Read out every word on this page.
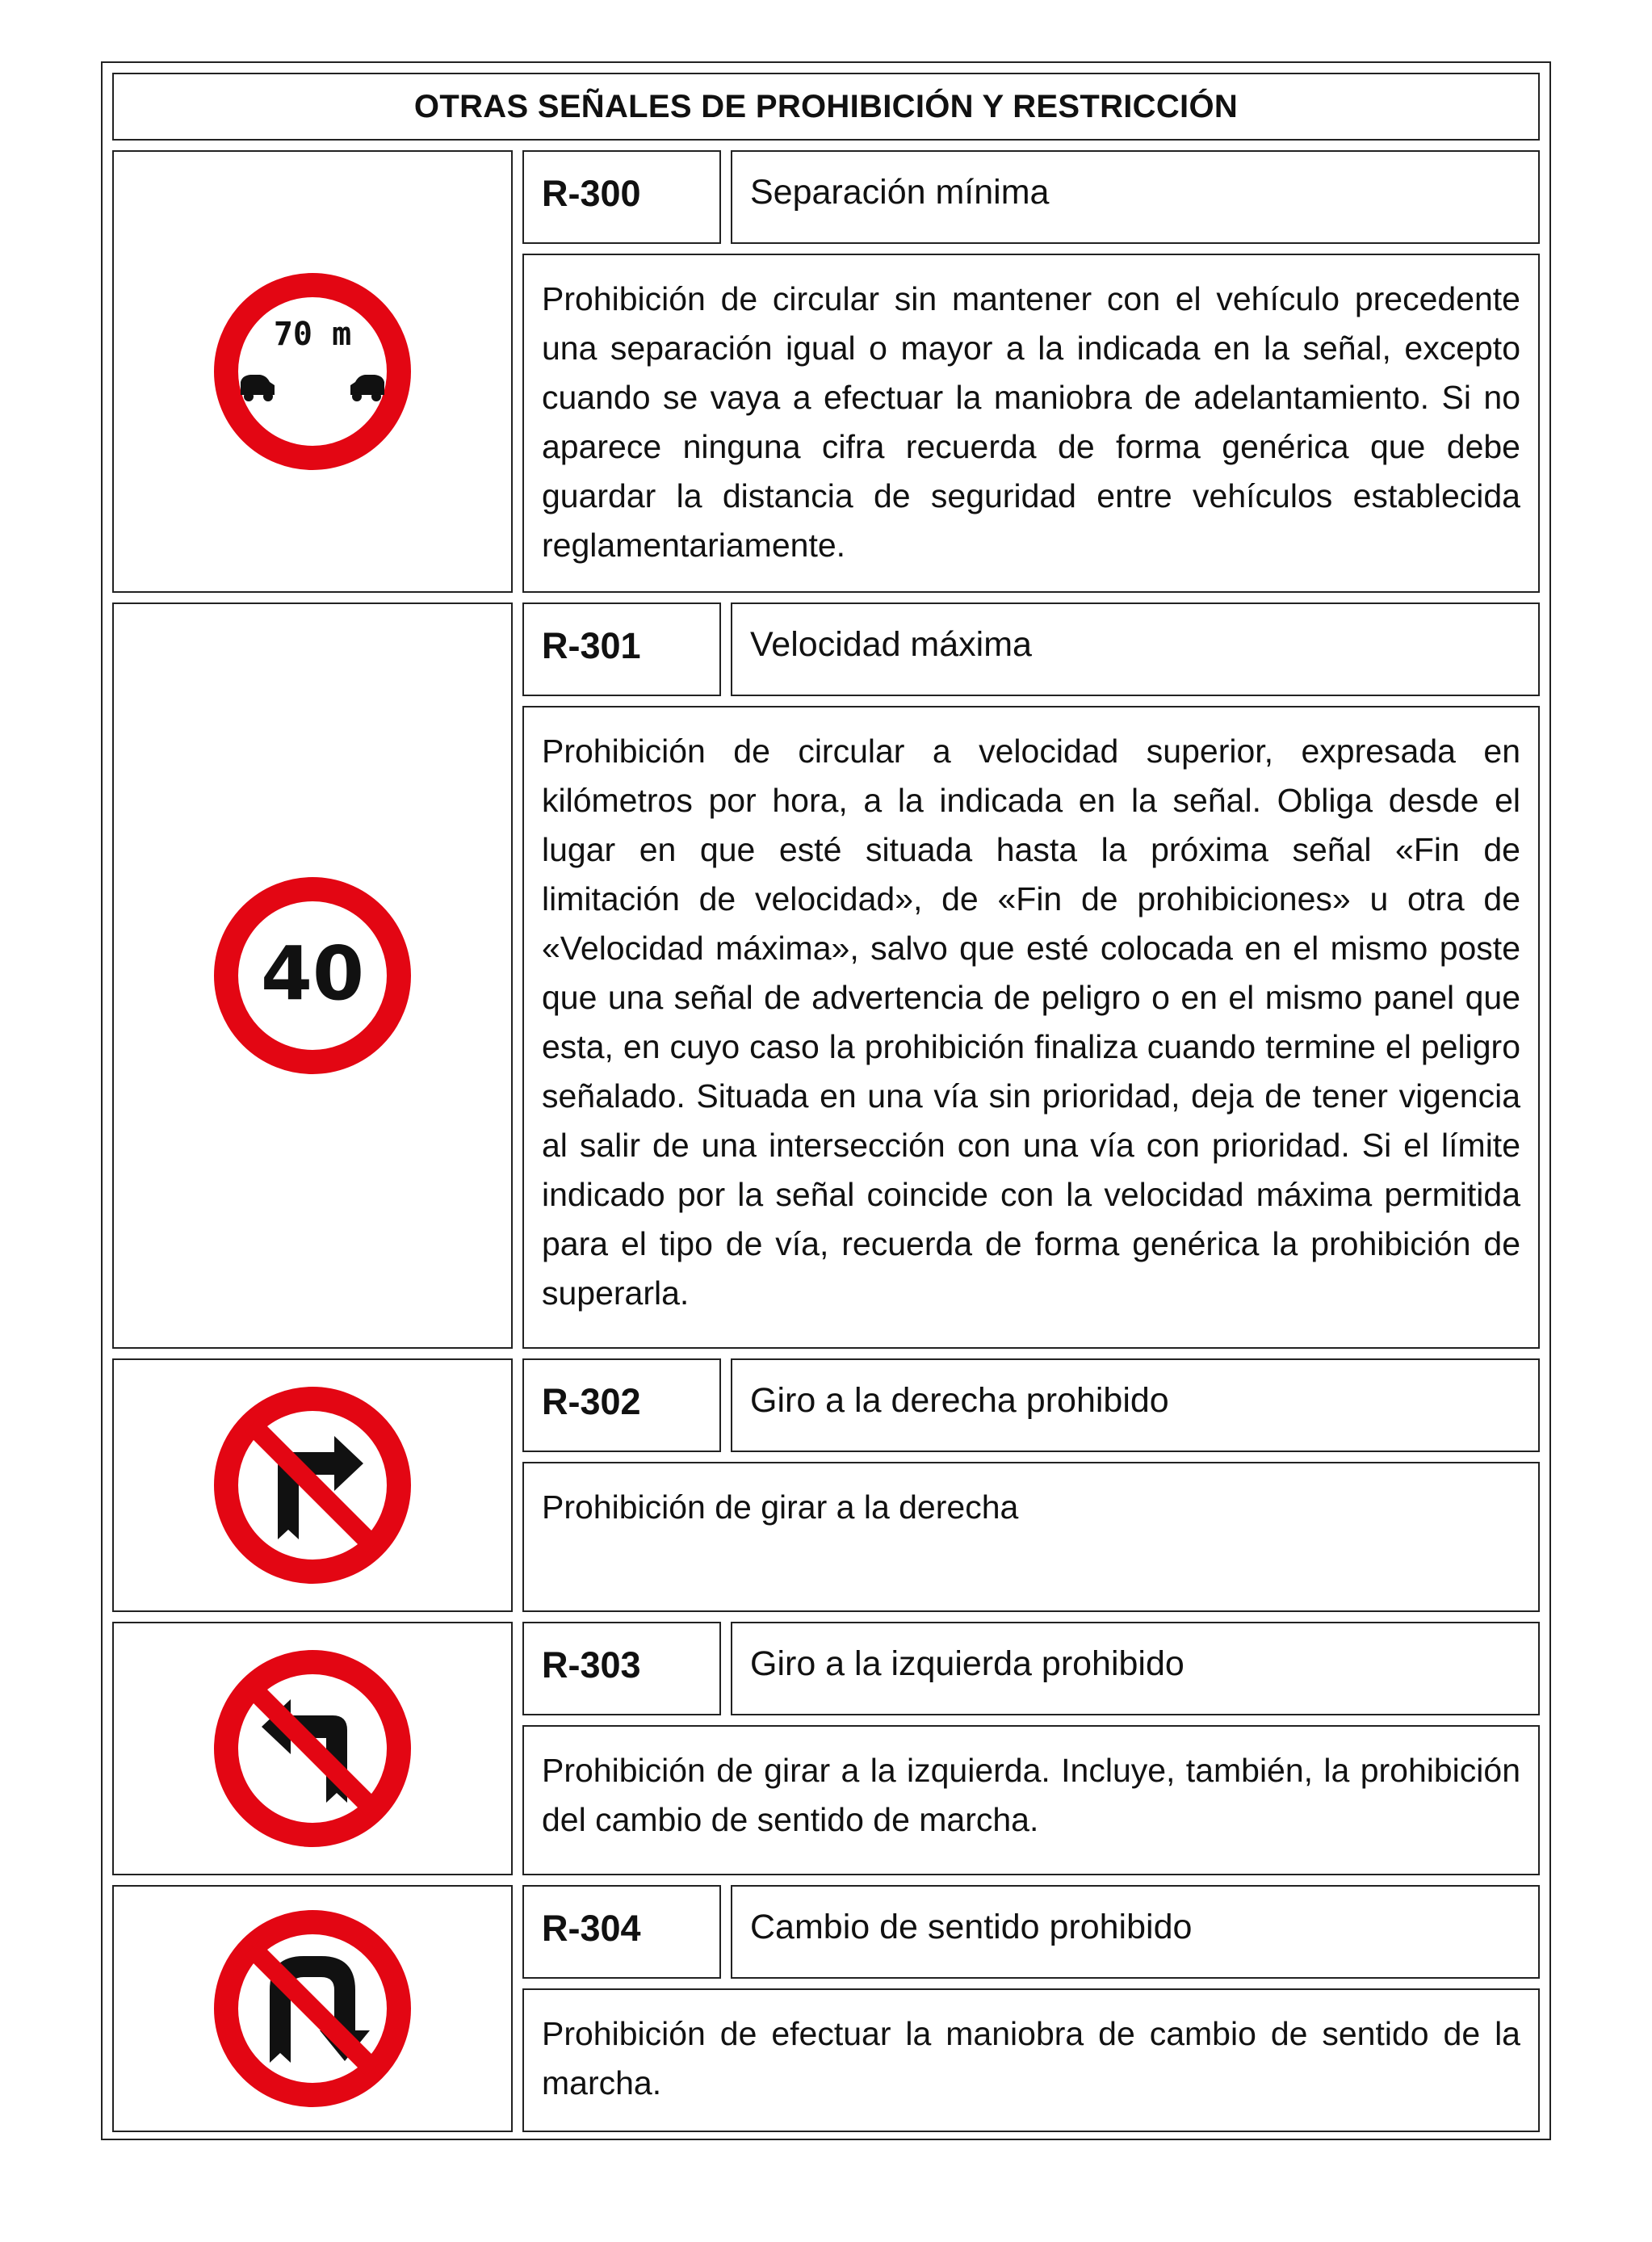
OTRAS SEÑALES DE PROHIBICIÓN Y RESTRICCIÓN
70 m
R-300	Separación mínima
Prohibición de circular sin mantener con el vehículo precedente una separación igual o mayor a la indicada en la señal, excepto cuando se vaya a efectuar la maniobra de adelantamiento. Si no aparece ninguna cifra recuerda de forma genérica que debe guardar la distancia de seguridad entre vehículos establecida reglamentariamente.
40
R-301	Velocidad máxima
Prohibición de circular a velocidad superior, expresada en kilómetros por hora, a la indicada en la señal. Obliga desde el lugar en que esté situada hasta la próxima señal «Fin de limitación de velocidad», de «Fin de prohibiciones» u otra de «Velocidad máxima», salvo que esté colocada en el mismo poste que una señal de advertencia de peligro o en el mismo panel que esta, en cuyo caso la prohibición finaliza cuando termine el peligro señalado. Situada en una vía sin prioridad, deja de tener vigencia al salir de una intersección con una vía con prioridad. Si el límite indicado por la señal coincide con la velocidad máxima permitida para el tipo de vía, recuerda de forma genérica la prohibición de superarla.
R-302	Giro a la derecha prohibido
Prohibición de girar a la derecha
R-303	Giro a la izquierda prohibido
Prohibición de girar a la izquierda. Incluye, también, la prohibición del cambio de sentido de marcha.
R-304	Cambio de sentido prohibido
Prohibición de efectuar la maniobra de cambio de sentido de la marcha.
